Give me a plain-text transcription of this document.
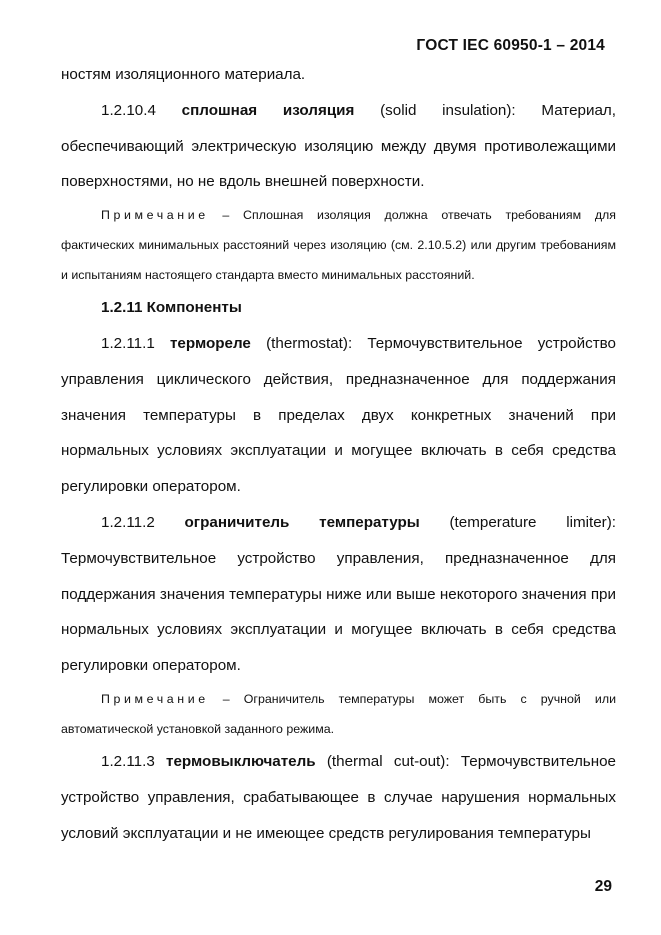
ГОСТ IEC 60950-1 – 2014

ностям изоляционного материала.

1.2.10.4 сплошная изоляция (solid insulation): Материал, обеспечивающий электрическую изоляцию между двумя противолежащими поверхностями, но не вдоль внешней поверхности.

Примечание – Сплошная изоляция должна отвечать требованиям для фактических минимальных расстояний через изоляцию (см. 2.10.5.2) или другим требованиям и испытаниям настоящего стандарта вместо минимальных расстояний.

1.2.11 Компоненты

1.2.11.1 термореле (thermostat): Термочувствительное устройство управления циклического действия, предназначенное для поддержания значения температуры в пределах двух конкретных значений при нормальных условиях эксплуатации и могущее включать в себя средства регулировки оператором.

1.2.11.2 ограничитель температуры (temperature limiter): Термочувствительное устройство управления, предназначенное для поддержания значения температуры ниже или выше некоторого значения при нормальных условиях эксплуатации и могущее включать в себя средства регулировки оператором.

Примечание – Ограничитель температуры может быть с ручной или автоматической установкой заданного режима.

1.2.11.3 термовыключатель (thermal cut-out): Термочувствительное устройство управления, срабатывающее в случае нарушения нормальных условий эксплуатации и не имеющее средств регулирования температуры

29
